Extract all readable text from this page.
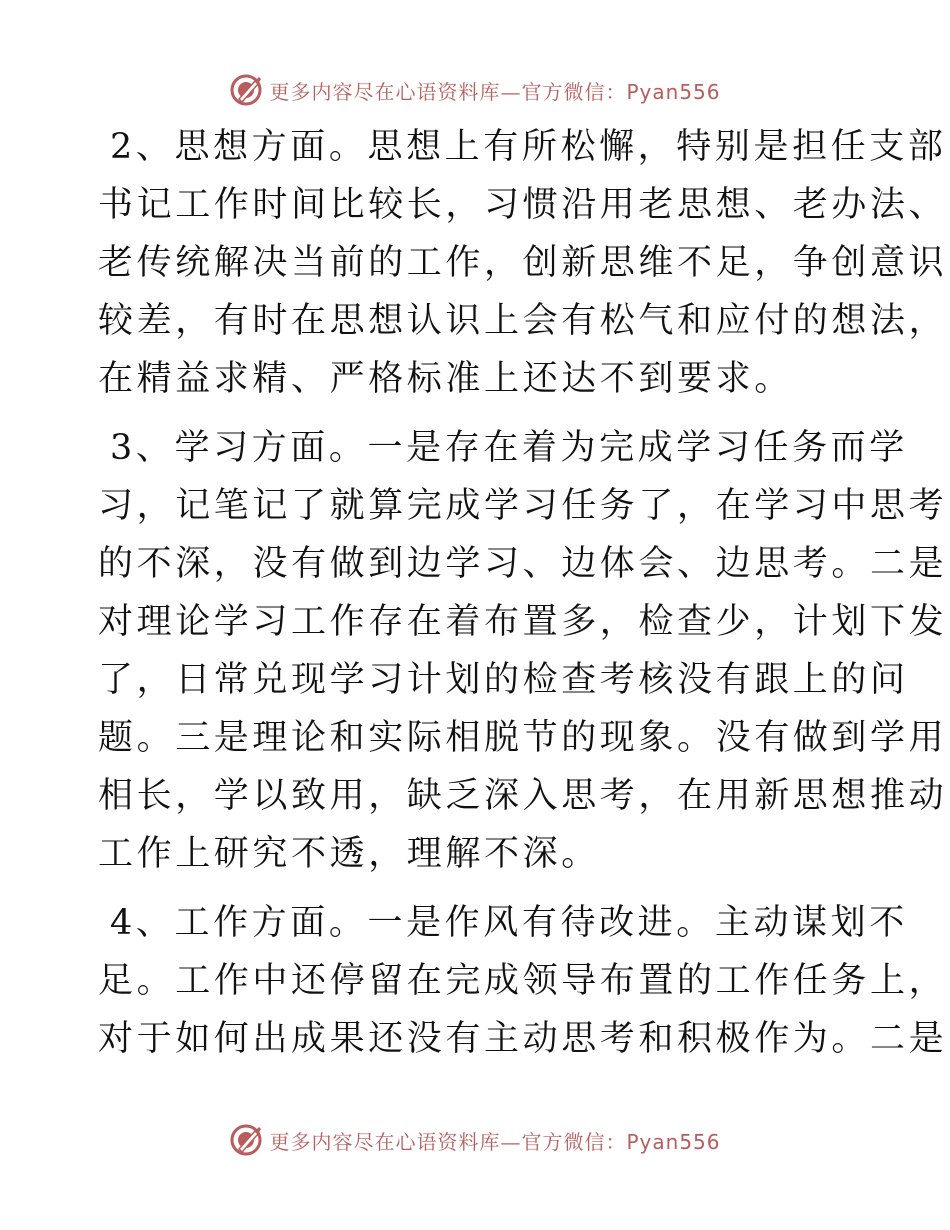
更多内容尽在心语资料库—官方微信：Pyan556
2、思想方面。思想上有所松懈，特别是担任支部
书记工作时间比较长，习惯沿用老思想、老办法、
老传统解决当前的工作，创新思维不足，争创意识
较差，有时在思想认识上会有松气和应付的想法，
在精益求精、严格标准上还达不到要求。
3、学习方面。一是存在着为完成学习任务而学
习，记笔记了就算完成学习任务了，在学习中思考
的不深，没有做到边学习、边体会、边思考。二是
对理论学习工作存在着布置多，检查少，计划下发
了，日常兑现学习计划的检查考核没有跟上的问
题。三是理论和实际相脱节的现象。没有做到学用
相长，学以致用，缺乏深入思考，在用新思想推动
工作上研究不透，理解不深。
4、工作方面。一是作风有待改进。主动谋划不
足。工作中还停留在完成领导布置的工作任务上，
对于如何出成果还没有主动思考和积极作为。二是
更多内容尽在心语资料库—官方微信：Pyan556
